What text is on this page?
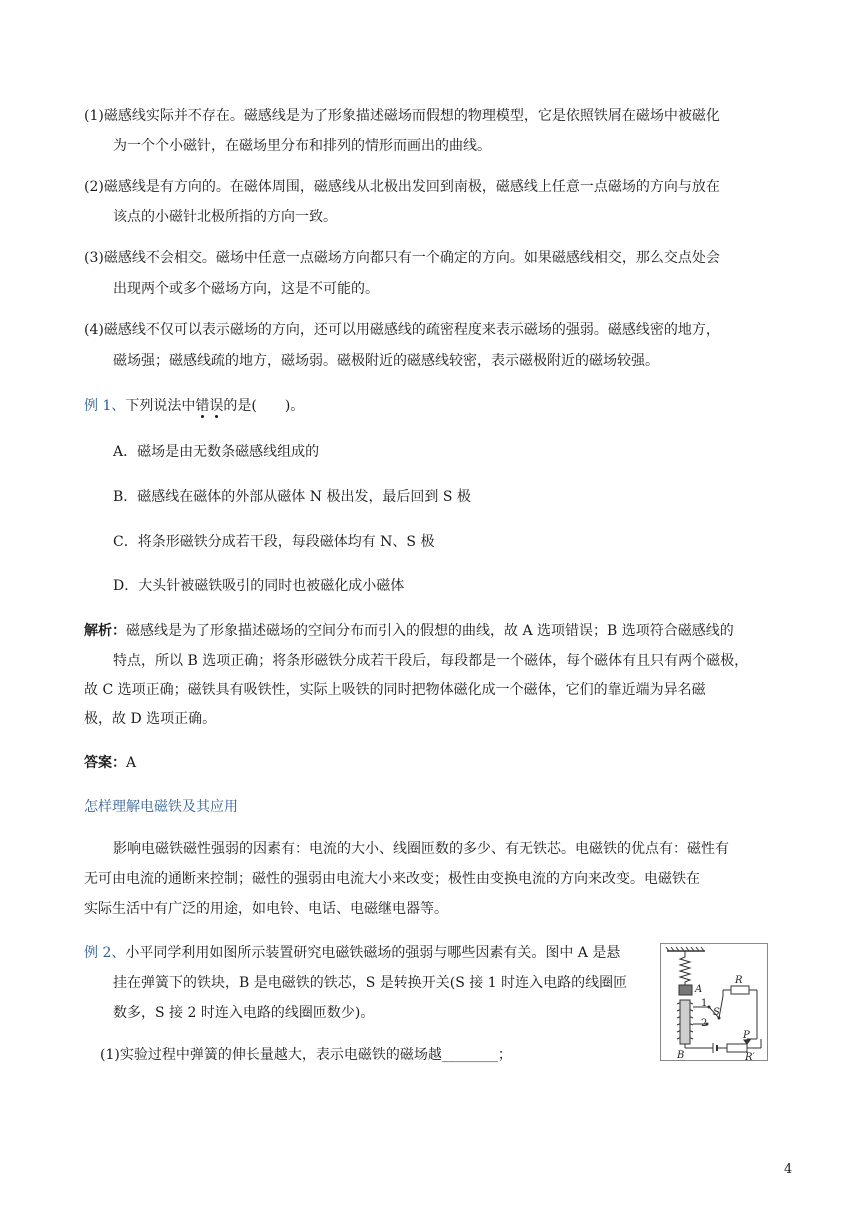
(1)磁感线实际并不存在。磁感线是为了形象描述磁场而假想的物理模型，它是依照铁屑在磁场中被磁化
为一个个小磁针，在磁场里分布和排列的情形而画出的曲线。
(2)磁感线是有方向的。在磁体周围，磁感线从北极出发回到南极，磁感线上任意一点磁场的方向与放在
该点的小磁针北极所指的方向一致。
(3)磁感线不会相交。磁场中任意一点磁场方向都只有一个确定的方向。如果磁感线相交，那么交点处会
出现两个或多个磁场方向，这是不可能的。
(4)磁感线不仅可以表示磁场的方向，还可以用磁感线的疏密程度来表示磁场的强弱。磁感线密的地方，
磁场强；磁感线疏的地方，磁场弱。磁极附近的磁感线较密，表示磁极附近的磁场较强。
例 1、下列说法中错误的是(　　)。
A．磁场是由无数条磁感线组成的
B．磁感线在磁体的外部从磁体 N 极出发，最后回到 S 极
C．将条形磁铁分成若干段，每段磁体均有 N、S 极
D．大头针被磁铁吸引的同时也被磁化成小磁体
解析：磁感线是为了形象描述磁场的空间分布而引入的假想的曲线，故 A 选项错误；B 选项符合磁感线的
特点，所以 B 选项正确；将条形磁铁分成若干段后，每段都是一个磁体，每个磁体有且只有两个磁极，
故 C 选项正确；磁铁具有吸铁性，实际上吸铁的同时把物体磁化成一个磁体，它们的靠近端为异名磁
极，故 D 选项正确。
答案：A
怎样理解电磁铁及其应用
影响电磁铁磁性强弱的因素有：电流的大小、线圈匝数的多少、有无铁芯。电磁铁的优点有：磁性有
无可由电流的通断来控制；磁性的强弱由电流大小来改变；极性由变换电流的方向来改变。电磁铁在
实际生活中有广泛的用途，如电铃、电话、电磁继电器等。
例 2、小平同学利用如图所示装置研究电磁铁磁场的强弱与哪些因素有关。图中 A 是悬
挂在弹簧下的铁块，B 是电磁铁的铁芯，S 是转换开关(S 接 1 时连入电路的线圈匝
数多，S 接 2 时连入电路的线圈匝数少)。
(1)实验过程中弹簧的伸长量越大，表示电磁铁的磁场越________；
A
R
1
S
2
P
B	R′
4
